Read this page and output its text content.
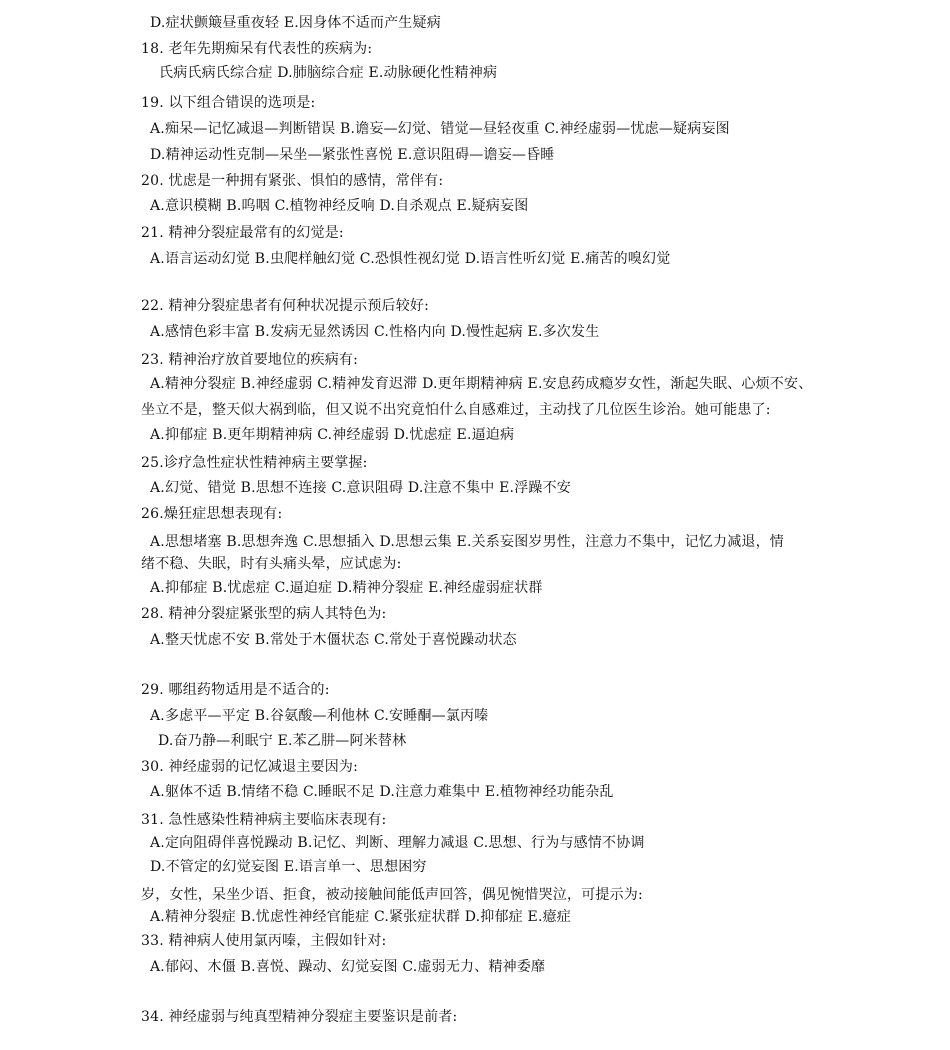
D.症状颤簸昼重夜轻 E.因身体不适而产生疑病
18. 老年先期痴呆有代表性的疾病为:
氏病氏病氏综合症 D.肺脑综合症 E.动脉硬化性精神病
19. 以下组合错误的选项是:
A.痴呆—记忆减退—判断错误 B.谵妄—幻觉、错觉—昼轻夜重 C.神经虚弱—忧虑—疑病妄图
D.精神运动性克制—呆坐—紧张性喜悦 E.意识阻碍—谵妄—昏睡
20. 忧虑是一种拥有紧张、惧怕的感情，常伴有:
A.意识模糊 B.呜咽 C.植物神经反响 D.自杀观点 E.疑病妄图
21. 精神分裂症最常有的幻觉是:
A.语言运动幻觉 B.虫爬样触幻觉 C.恐惧性视幻觉 D.语言性听幻觉 E.痛苦的嗅幻觉
22. 精神分裂症患者有何种状况提示预后较好:
A.感情色彩丰富 B.发病无显然诱因 C.性格内向 D.慢性起病 E.多次发生
23. 精神治疗放首要地位的疾病有:
A.精神分裂症 B.神经虚弱 C.精神发育迟滞 D.更年期精神病 E.安息药成瘾岁女性，渐起失眠、心烦不安、
坐立不是，整天似大祸到临，但又说不出究竟怕什么自感难过，主动找了几位医生诊治。她可能患了:
A.抑郁症 B.更年期精神病 C.神经虚弱 D.忧虑症 E.逼迫病
25.诊疗急性症状性精神病主要掌握:
A.幻觉、错觉 B.思想不连接 C.意识阻碍 D.注意不集中 E.浮躁不安
26.燥狂症思想表现有:
A.思想堵塞 B.思想奔逸 C.思想插入 D.思想云集 E.关系妄图岁男性，注意力不集中，记忆力减退，情
绪不稳、失眠，时有头痛头晕，应试虑为:
A.抑郁症 B.忧虑症 C.逼迫症 D.精神分裂症 E.神经虚弱症状群
28. 精神分裂症紧张型的病人其特色为:
A.整天忧虑不安 B.常处于木僵状态 C.常处于喜悦躁动状态
29. 哪组药物适用是不适合的:
A.多虑平—平定 B.谷氨酸—利他林 C.安睡酮—氯丙嗪
D.奋乃静—利眠宁 E.苯乙肼—阿米替林
30. 神经虚弱的记忆减退主要因为:
A.躯体不适 B.情绪不稳 C.睡眠不足 D.注意力难集中 E.植物神经功能杂乱
31. 急性感染性精神病主要临床表现有:
A.定向阻碍伴喜悦躁动 B.记忆、判断、理解力减退 C.思想、行为与感情不协调
D.不管定的幻觉妄图 E.语言单一、思想困穷
岁，女性，呆坐少语、拒食，被动接触间能低声回答，偶见惋惜哭泣，可提示为:
A.精神分裂症 B.忧虑性神经官能症 C.紧张症状群 D.抑郁症 E.癔症
33. 精神病人使用氯丙嗪，主假如针对:
A.郁闷、木僵 B.喜悦、躁动、幻觉妄图 C.虚弱无力、精神委靡
34. 神经虚弱与纯真型精神分裂症主要鉴识是前者:
